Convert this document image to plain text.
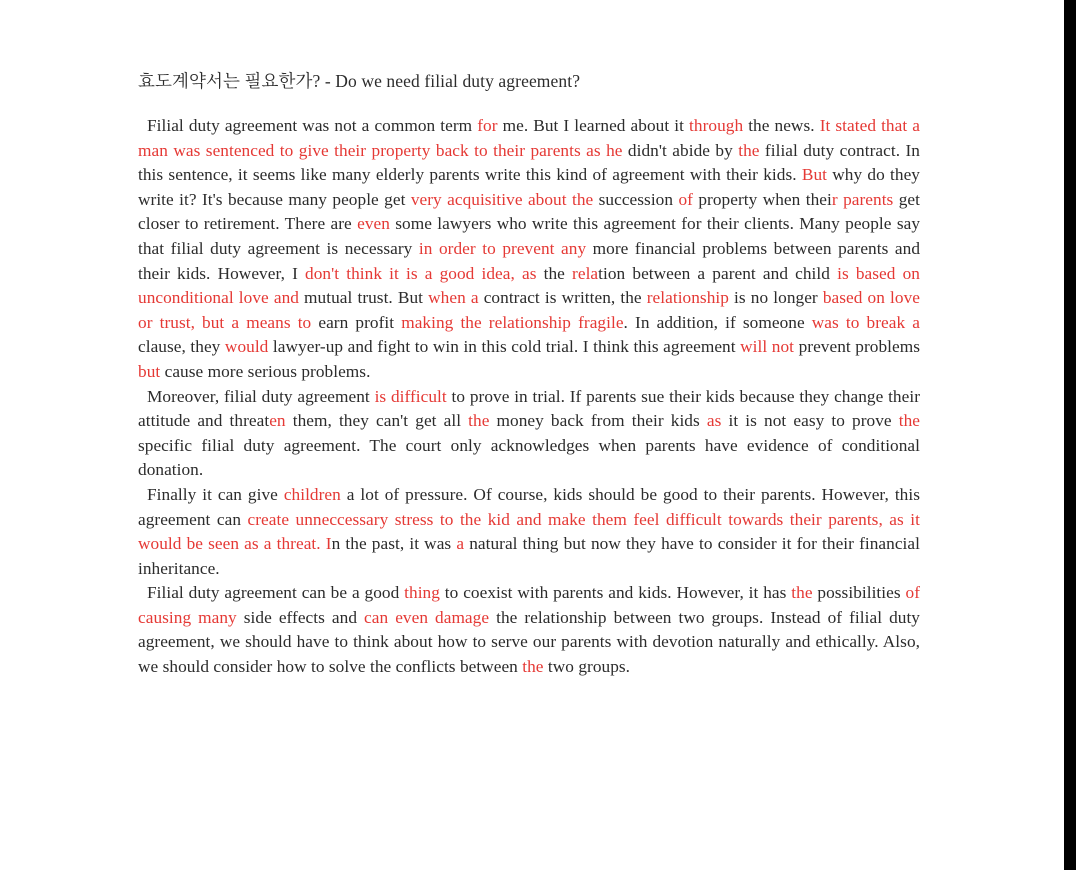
효도계약서는 필요한가? - Do we need filial duty agreement?

Filial duty agreement was not a common term for me. But I learned about it through the news. It stated that a man was sentenced to give their property back to their parents as he didn't abide by the filial duty contract. In this sentence, it seems like many elderly parents write this kind of agreement with their kids. But why do they write it? It's because many people get very acquisitive about the succession of property when their parents get closer to retirement. There are even some lawyers who write this agreement for their clients. Many people say that filial duty agreement is necessary in order to prevent any more financial problems between parents and their kids. However, I don't think it is a good idea, as the relation between a parent and child is based on unconditional love and mutual trust. But when a contract is written, the relationship is no longer based on love or trust, but a means to earn profit making the relationship fragile. In addition, if someone was to break a clause, they would lawyer-up and fight to win in this cold trial. I think this agreement will not prevent problems but cause more serious problems.

Moreover, filial duty agreement is difficult to prove in trial. If parents sue their kids because they change their attitude and threaten them, they can't get all the money back from their kids as it is not easy to prove the specific filial duty agreement. The court only acknowledges when parents have evidence of conditional donation.

Finally it can give children a lot of pressure. Of course, kids should be good to their parents. However, this agreement can create unneccessary stress to the kid and make them feel difficult towards their parents, as it would be seen as a threat. In the past, it was a natural thing but now they have to consider it for their financial inheritance.

Filial duty agreement can be a good thing to coexist with parents and kids. However, it has the possibilities of causing many side effects and can even damage the relationship between two groups. Instead of filial duty agreement, we should have to think about how to serve our parents with devotion naturally and ethically. Also, we should consider how to solve the conflicts between the two groups.
